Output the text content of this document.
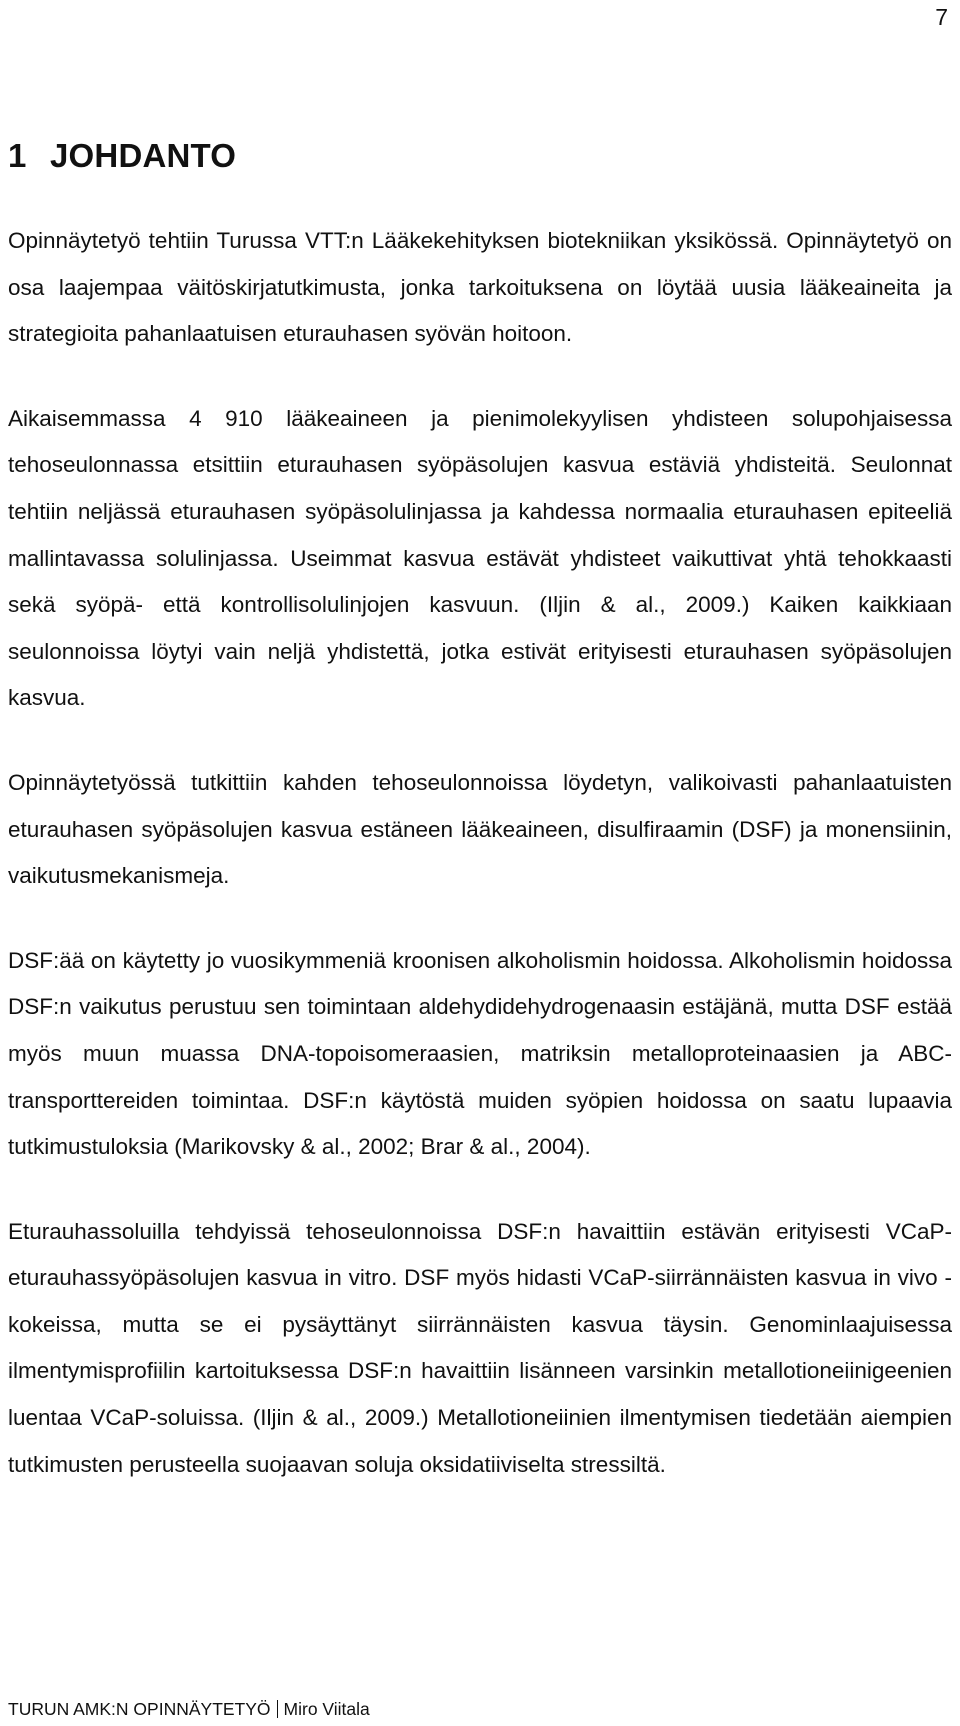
7
1 JOHDANTO

Opinnäytetyö tehtiin Turussa VTT:n Lääkekehityksen biotekniikan yksikössä. Opinnäytetyö on osa laajempaa väitöskirjatutkimusta, jonka tarkoituksena on löytää uusia lääkeaineita ja strategioita pahanlaatuisen eturauhasen syövän hoitoon.

Aikaisemmassa 4 910 lääkeaineen ja pienimolekyylisen yhdisteen solupohjaisessa tehoseulonnassa etsittiin eturauhasen syöpäsolujen kasvua estäviä yhdisteitä. Seulonnat tehtiin neljässä eturauhasen syöpäsolulinjassa ja kahdessa normaalia eturauhasen epiteeliä mallintavassa solulinjassa. Useimmat kasvua estävät yhdisteet vaikuttivat yhtä tehokkaasti sekä syöpä- että kontrollisolulinjojen kasvuun. (Iljin & al., 2009.) Kaiken kaikkiaan seulonnoissa löytyi vain neljä yhdistettä, jotka estivät erityisesti eturauhasen syöpäsolujen kasvua.

Opinnäytetyössä tutkittiin kahden tehoseulonnoissa löydetyn, valikoivasti pahanlaatuisten eturauhasen syöpäsolujen kasvua estäneen lääkeaineen, disulfiraamin (DSF) ja monensiinin, vaikutusmekanismeja.

DSF:ää on käytetty jo vuosikymmeniä kroonisen alkoholismin hoidossa. Alkoholismin hoidossa DSF:n vaikutus perustuu sen toimintaan aldehydidehydrogenaasin estäjänä, mutta DSF estää myös muun muassa DNA-topoisomeraasien, matriksin metalloproteinaasien ja ABC-transporttereiden toimintaa. DSF:n käytöstä muiden syöpien hoidossa on saatu lupaavia tutkimustuloksia (Marikovsky & al., 2002; Brar & al., 2004).

Eturauhassoluilla tehdyissä tehoseulonnoissa DSF:n havaittiin estävän erityisesti VCaP-eturauhassyöpäsolujen kasvua in vitro. DSF myös hidasti VCaP-siirrännäisten kasvua in vivo -kokeissa, mutta se ei pysäyttänyt siirrännäisten kasvua täysin. Genominlaajuisessa ilmentymisprofiilin kartoituksessa DSF:n havaittiin lisänneen varsinkin metallotioneiinigeenien luentaa VCaP-soluissa. (Iljin & al., 2009.) Metallotioneiinien ilmentymisen tiedetään aiempien tutkimusten perusteella suojaavan soluja oksidatiiviselta stressiltä.

TURUN AMK:N OPINNÄYTETYÖ Miro Viitala
